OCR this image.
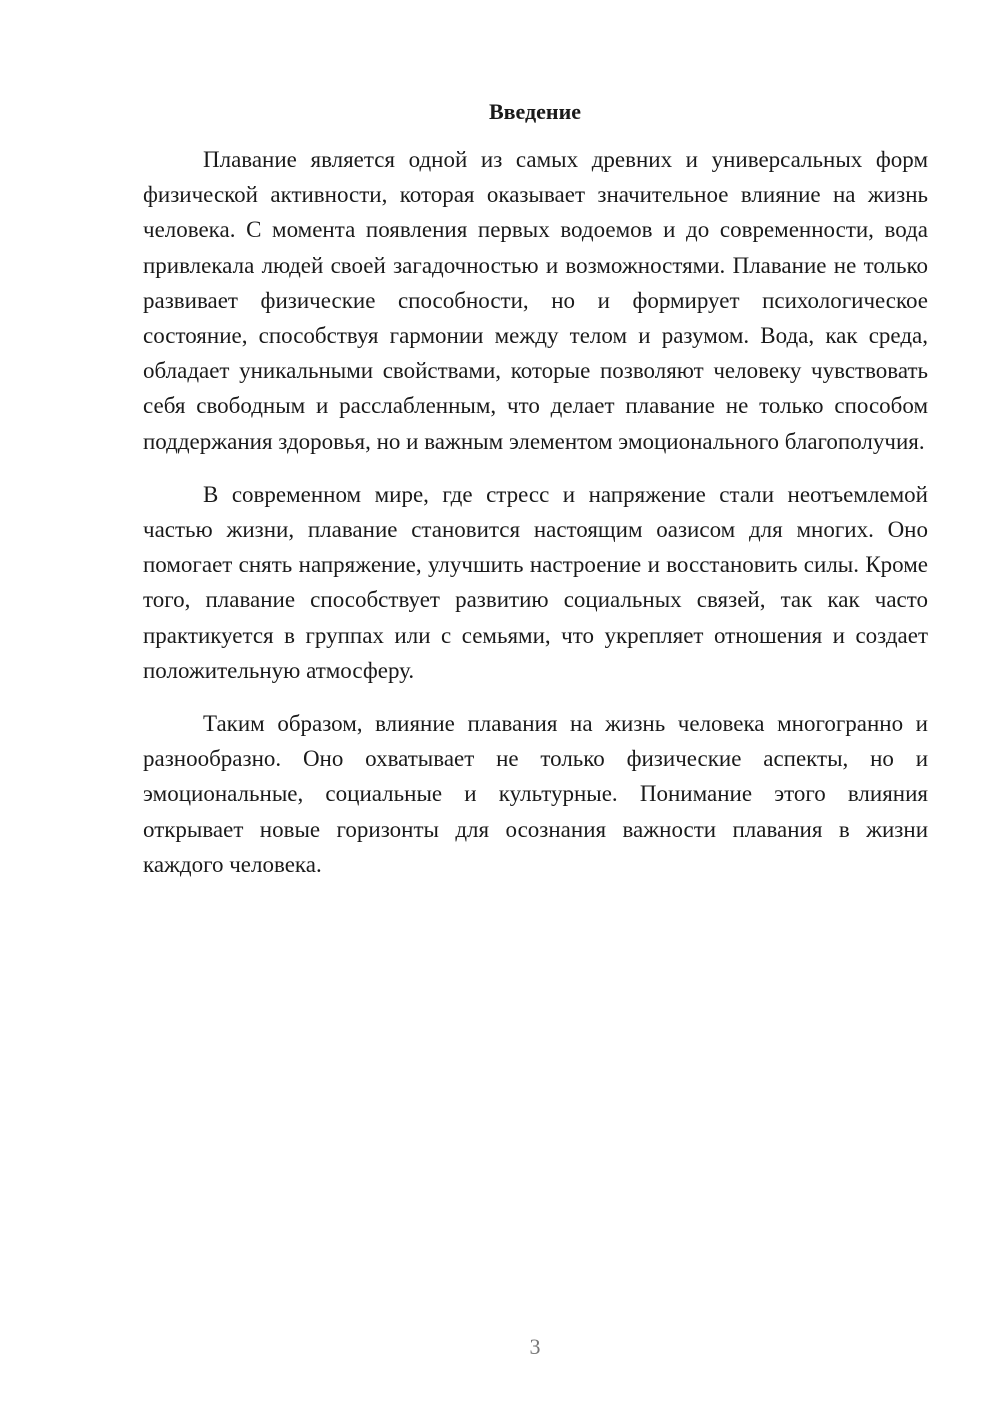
Введение

Плавание является одной из самых древних и универсальных форм физической активности, которая оказывает значительное влияние на жизнь человека. С момента появления первых водоемов и до современности, вода привлекала людей своей загадочностью и возможностями. Плавание не только развивает физические способности, но и формирует психологическое состояние, способствуя гармонии между телом и разумом. Вода, как среда, обладает уникальными свойствами, которые позволяют человеку чувствовать себя свободным и расслабленным, что делает плавание не только способом поддержания здоровья, но и важным элементом эмоционального благополучия.

В современном мире, где стресс и напряжение стали неотъемлемой частью жизни, плавание становится настоящим оазисом для многих. Оно помогает снять напряжение, улучшить настроение и восстановить силы. Кроме того, плавание способствует развитию социальных связей, так как часто практикуется в группах или с семьями, что укрепляет отношения и создает положительную атмосферу.

Таким образом, влияние плавания на жизнь человека многогранно и разнообразно. Оно охватывает не только физические аспекты, но и эмоциональные, социальные и культурные. Понимание этого влияния открывает новые горизонты для осознания важности плавания в жизни каждого человека.

3
